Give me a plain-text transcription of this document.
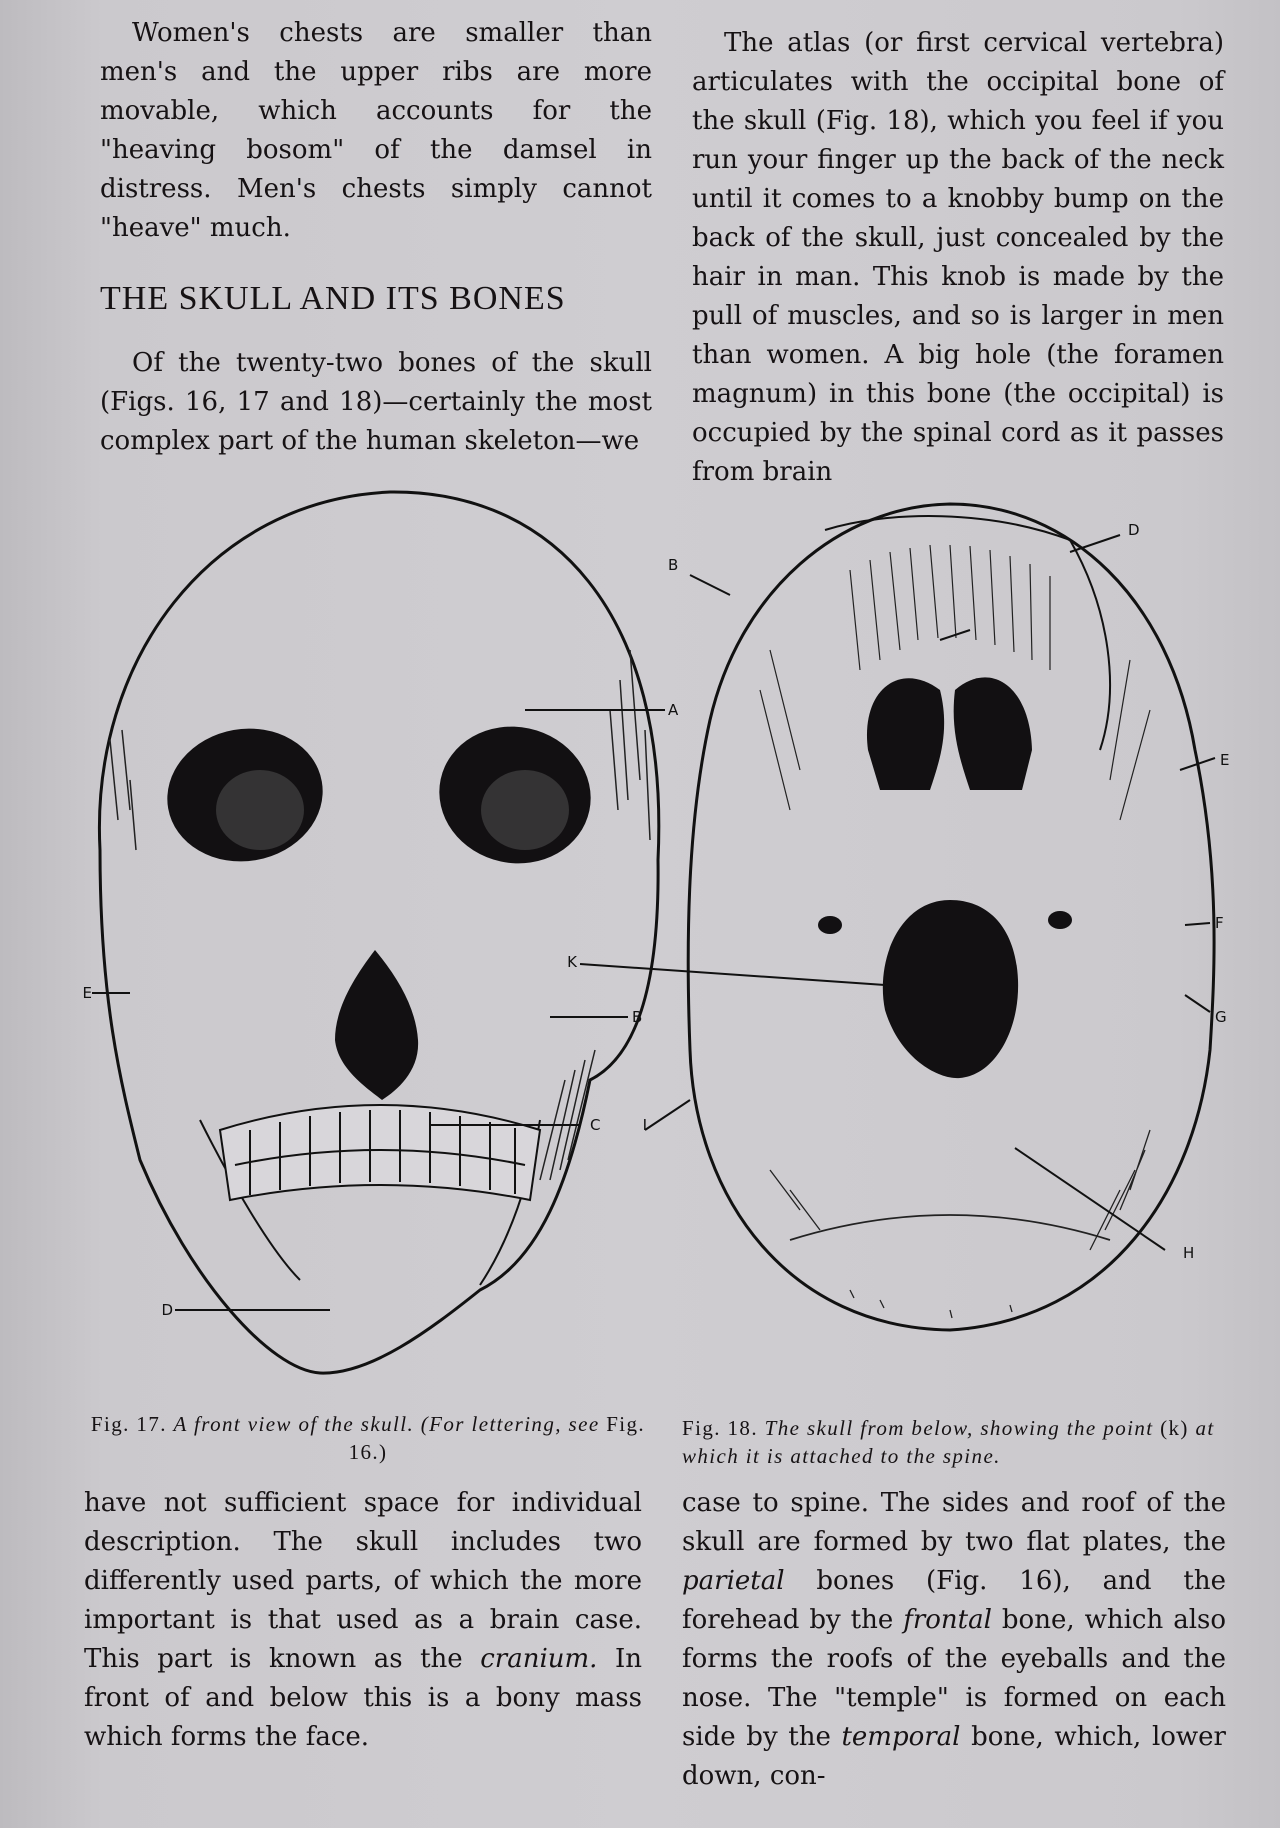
Women's chests are smaller than men's and the upper ribs are more movable, which accounts for the "heaving bosom" of the damsel in distress. Men's chests simply cannot "heave" much.

THE SKULL AND ITS BONES

Of the twenty-two bones of the skull (Figs. 16, 17 and 18)—certainly the most complex part of the human skeleton—we

The atlas (or first cervical vertebra) articulates with the occipital bone of the skull (Fig. 18), which you feel if you run your finger up the back of the neck until it comes to a knobby bump on the back of the skull, just concealed by the hair in man. This knob is made by the pull of muscles, and so is larger in men than women. A big hole (the foramen magnum) in this bone (the occipital) is occupied by the spinal cord as it passes from brain

A
B
C
D
E
B
D
E
F
G
H
I
K

Fig. 17. A front view of the skull. (For lettering, see Fig. 16.)

Fig. 18. The skull from below, showing the point (k) at which it is attached to the spine.

have not sufficient space for individual description. The skull includes two differently used parts, of which the more important is that used as a brain case. This part is known as the cranium. In front of and below this is a bony mass which forms the face.

case to spine. The sides and roof of the skull are formed by two flat plates, the parietal bones (Fig. 16), and the forehead by the frontal bone, which also forms the roofs of the eyeballs and the nose. The "temple" is formed on each side by the temporal bone, which, lower down, con-
